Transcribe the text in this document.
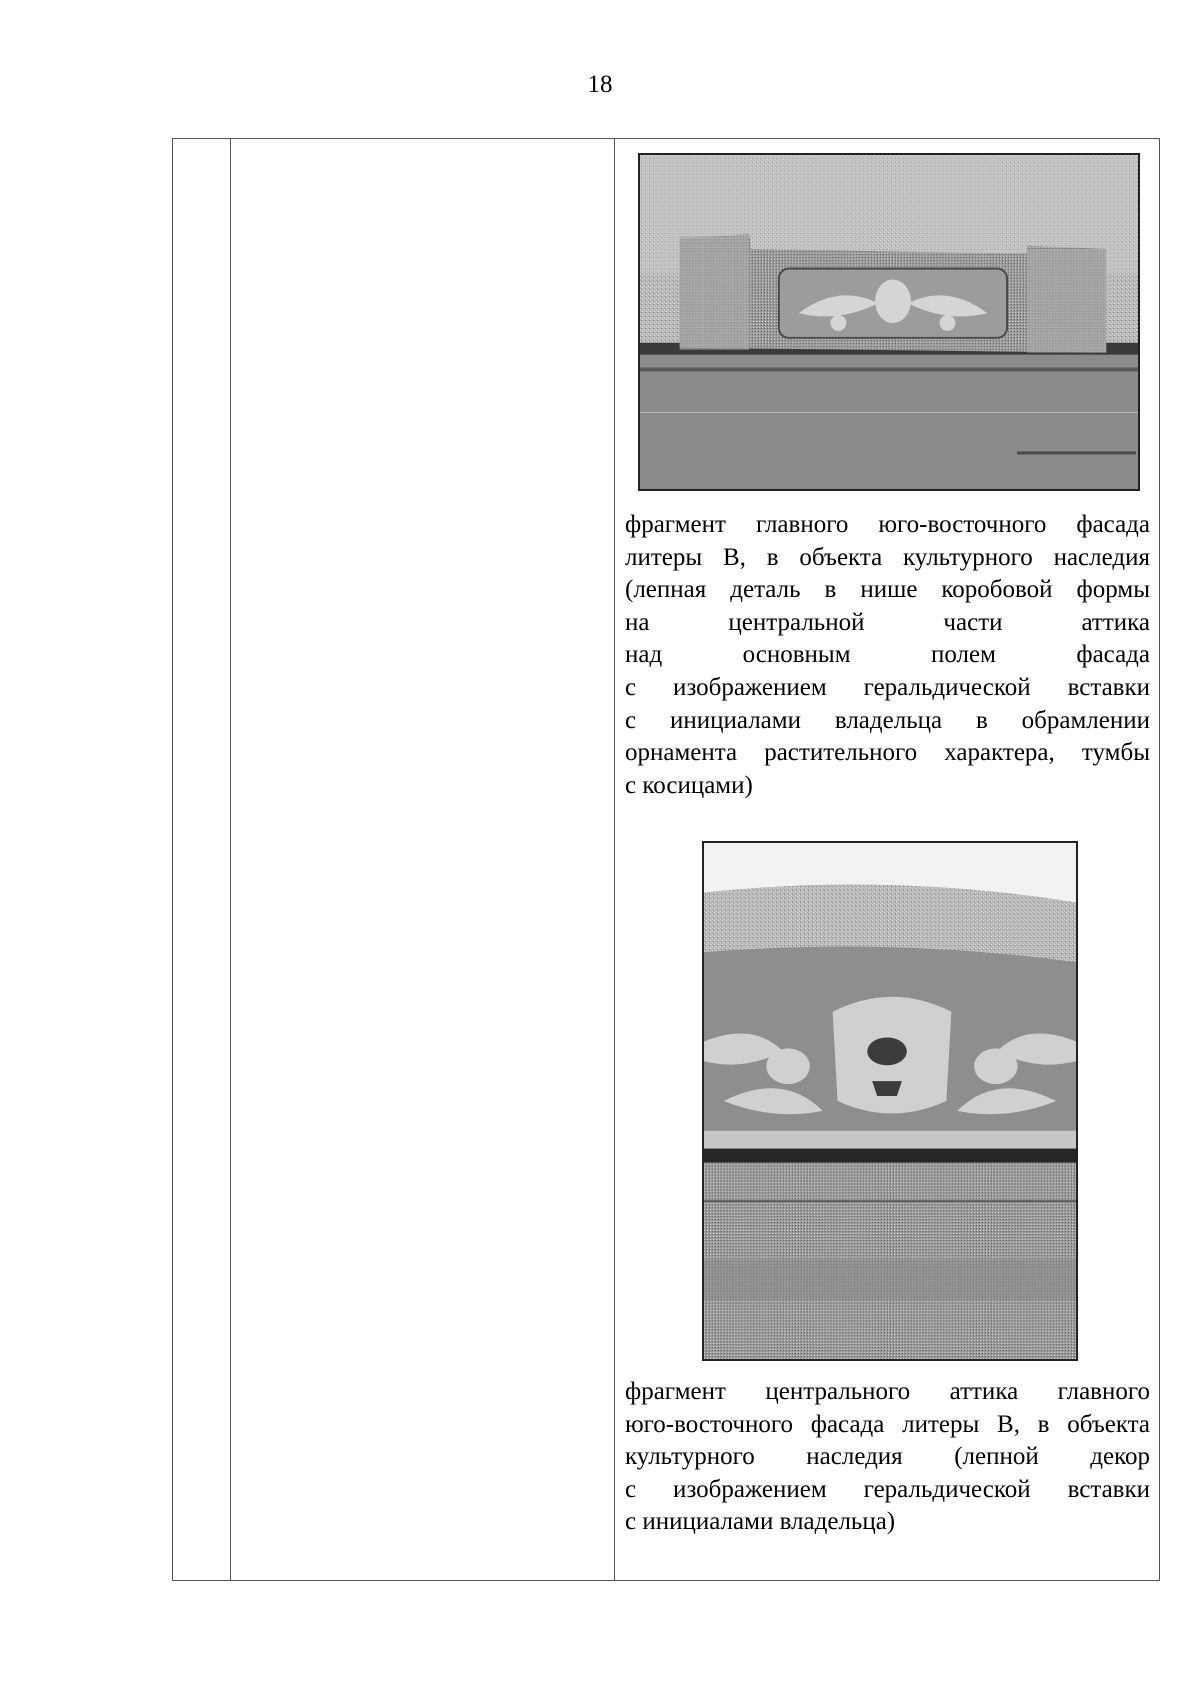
18
фрагмент главного юго-восточного фасада
литеры В, в объекта культурного наследия
(лепная деталь в нише коробовой формы
на центральной части аттика
над основным полем фасада
с изображением геральдической вставки
с инициалами владельца в обрамлении
орнамента растительного характера, тумбы
с косицами)
фрагмент центрального аттика главного
юго-восточного фасада литеры В, в объекта
культурного наследия (лепной декор
с изображением геральдической вставки
с инициалами владельца)
